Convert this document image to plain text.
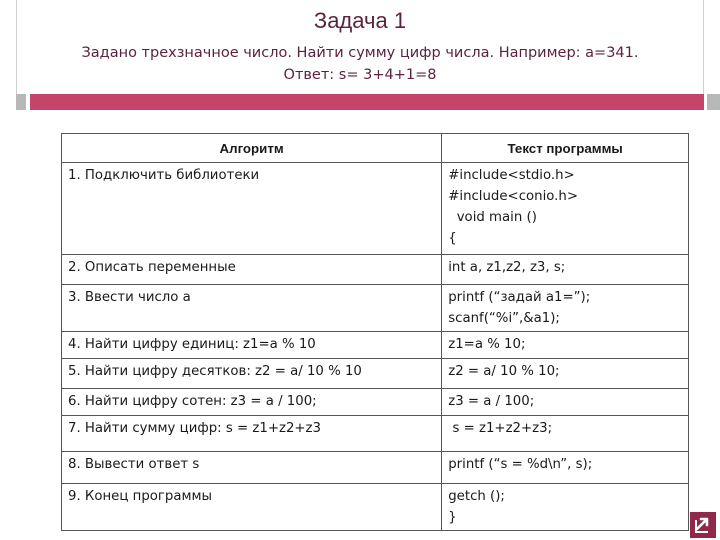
Задача 1
Задано трехзначное число. Найти сумму цифр числа. Например: а=341.
Ответ: s= 3+4+1=8
Алгоритм	Текст программы
1. Подключить библиотеки	#include<stdio.h>
#include<conio.h>
void main ()
{

2. Описать переменные	int a, z1,z2, z3, s;

3. Ввести число а	printf (“задай а1=”);
scanf(“%i”,&a1);

4. Найти цифру единиц: z1=a % 10	z1=a % 10;

5. Найти цифру десятков: z2 = a/ 10 % 10	z2 = a/ 10 % 10;

6. Найти цифру сотен: z3 = a / 100;	z3 = a / 100;

7. Найти сумму цифр: s = z1+z2+z3	s = z1+z2+z3;

8. Вывести ответ s	printf (“s = %d\n”, s);

9. Конец программы	getch ();
}
